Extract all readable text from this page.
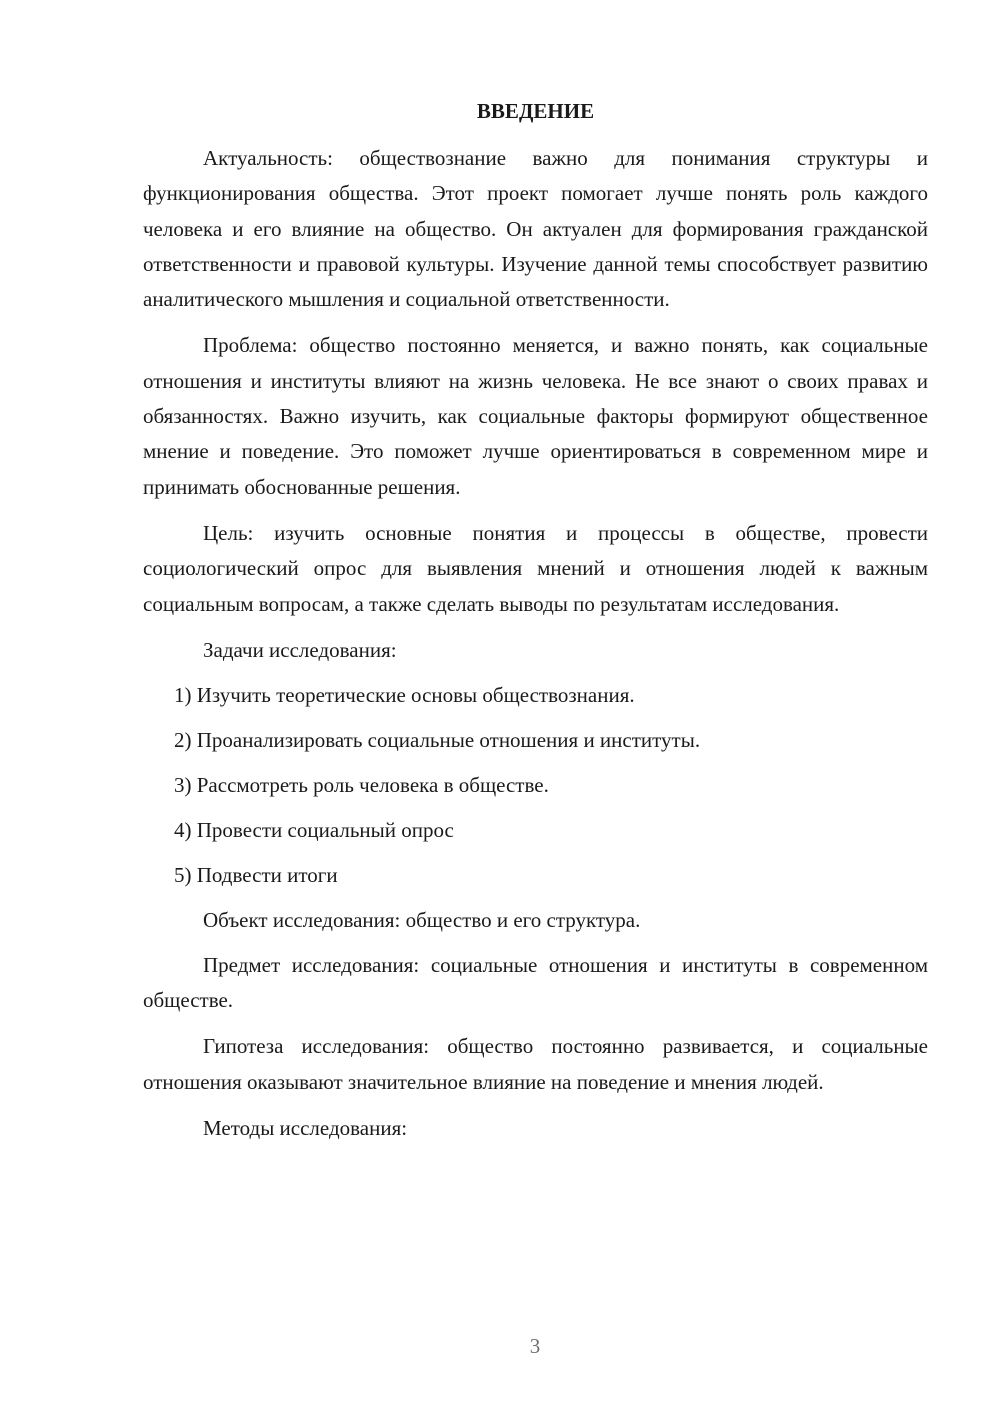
ВВЕДЕНИЕ

Актуальность: обществознание важно для понимания структуры и функционирования общества. Этот проект помогает лучше понять роль каждого человека и его влияние на общество. Он актуален для формирования гражданской ответственности и правовой культуры. Изучение данной темы способствует развитию аналитического мышления и социальной ответственности.

Проблема: общество постоянно меняется, и важно понять, как социальные отношения и институты влияют на жизнь человека. Не все знают о своих правах и обязанностях. Важно изучить, как социальные факторы формируют общественное мнение и поведение. Это поможет лучше ориентироваться в современном мире и принимать обоснованные решения.

Цель: изучить основные понятия и процессы в обществе, провести социологический опрос для выявления мнений и отношения людей к важным социальным вопросам, а также сделать выводы по результатам исследования.

Задачи исследования:

1) Изучить теоретические основы обществознания.
2) Проанализировать социальные отношения и институты.
3) Рассмотреть роль человека в обществе.
4) Провести социальный опрос
5) Подвести итоги

Объект исследования: общество и его структура.

Предмет исследования: социальные отношения и институты в современном обществе.

Гипотеза исследования: общество постоянно развивается, и социальные отношения оказывают значительное влияние на поведение и мнения людей.

Методы исследования:

3
